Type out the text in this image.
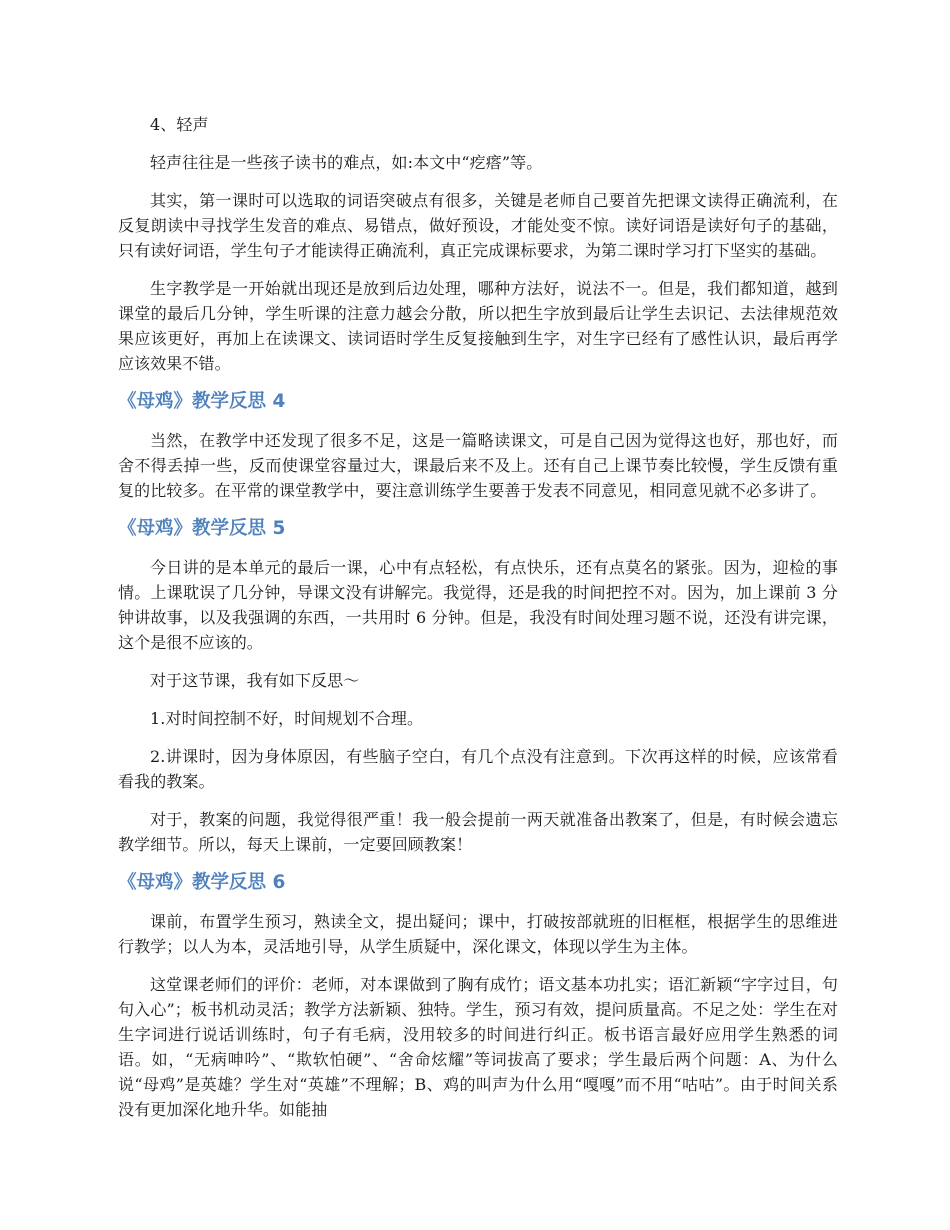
4、轻声

轻声往往是一些孩子读书的难点，如:本文中“疙瘩”等。

其实，第一课时可以选取的词语突破点有很多，关键是老师自己要首先把课文读得正确流利，在反复朗读中寻找学生发音的难点、易错点，做好预设，才能处变不惊。读好词语是读好句子的基础，只有读好词语，学生句子才能读得正确流利，真正完成课标要求，为第二课时学习打下坚实的基础。

生字教学是一开始就出现还是放到后边处理，哪种方法好，说法不一。但是，我们都知道，越到课堂的最后几分钟，学生听课的注意力越会分散，所以把生字放到最后让学生去识记、去法律规范效果应该更好，再加上在读课文、读词语时学生反复接触到生字，对生字已经有了感性认识，最后再学应该效果不错。

《母鸡》教学反思 4

当然，在教学中还发现了很多不足，这是一篇略读课文，可是自己因为觉得这也好，那也好，而舍不得丢掉一些，反而使课堂容量过大，课最后来不及上。还有自己上课节奏比较慢，学生反馈有重复的比较多。在平常的课堂教学中，要注意训练学生要善于发表不同意见，相同意见就不必多讲了。

《母鸡》教学反思 5

今日讲的是本单元的最后一课，心中有点轻松，有点快乐，还有点莫名的紧张。因为，迎检的事情。上课耽误了几分钟，导课文没有讲解完。我觉得，还是我的时间把控不对。因为，加上课前 3 分钟讲故事，以及我强调的东西，一共用时 6 分钟。但是，我没有时间处理习题不说，还没有讲完课，这个是很不应该的。

对于这节课，我有如下反思～

1.对时间控制不好，时间规划不合理。

2.讲课时，因为身体原因，有些脑子空白，有几个点没有注意到。下次再这样的时候，应该常看看我的教案。

对于，教案的问题，我觉得很严重！我一般会提前一两天就准备出教案了，但是，有时候会遗忘教学细节。所以，每天上课前，一定要回顾教案！

《母鸡》教学反思 6

课前，布置学生预习，熟读全文，提出疑问；课中，打破按部就班的旧框框，根据学生的思维进行教学；以人为本，灵活地引导，从学生质疑中，深化课文，体现以学生为主体。

这堂课老师们的评价：老师，对本课做到了胸有成竹；语文基本功扎实；语汇新颖“字字过目，句句入心”；板书机动灵活；教学方法新颖、独特。学生，预习有效，提问质量高。不足之处：学生在对生字词进行说话训练时，句子有毛病，没用较多的时间进行纠正。板书语言最好应用学生熟悉的词语。如，“无病呻吟”、“欺软怕硬”、“舍命炫耀”等词拔高了要求；学生最后两个问题：A、为什么说“母鸡”是英雄？学生对“英雄”不理解；B、鸡的叫声为什么用“嘎嘎”而不用“咕咕”。由于时间关系没有更加深化地升华。如能抽
